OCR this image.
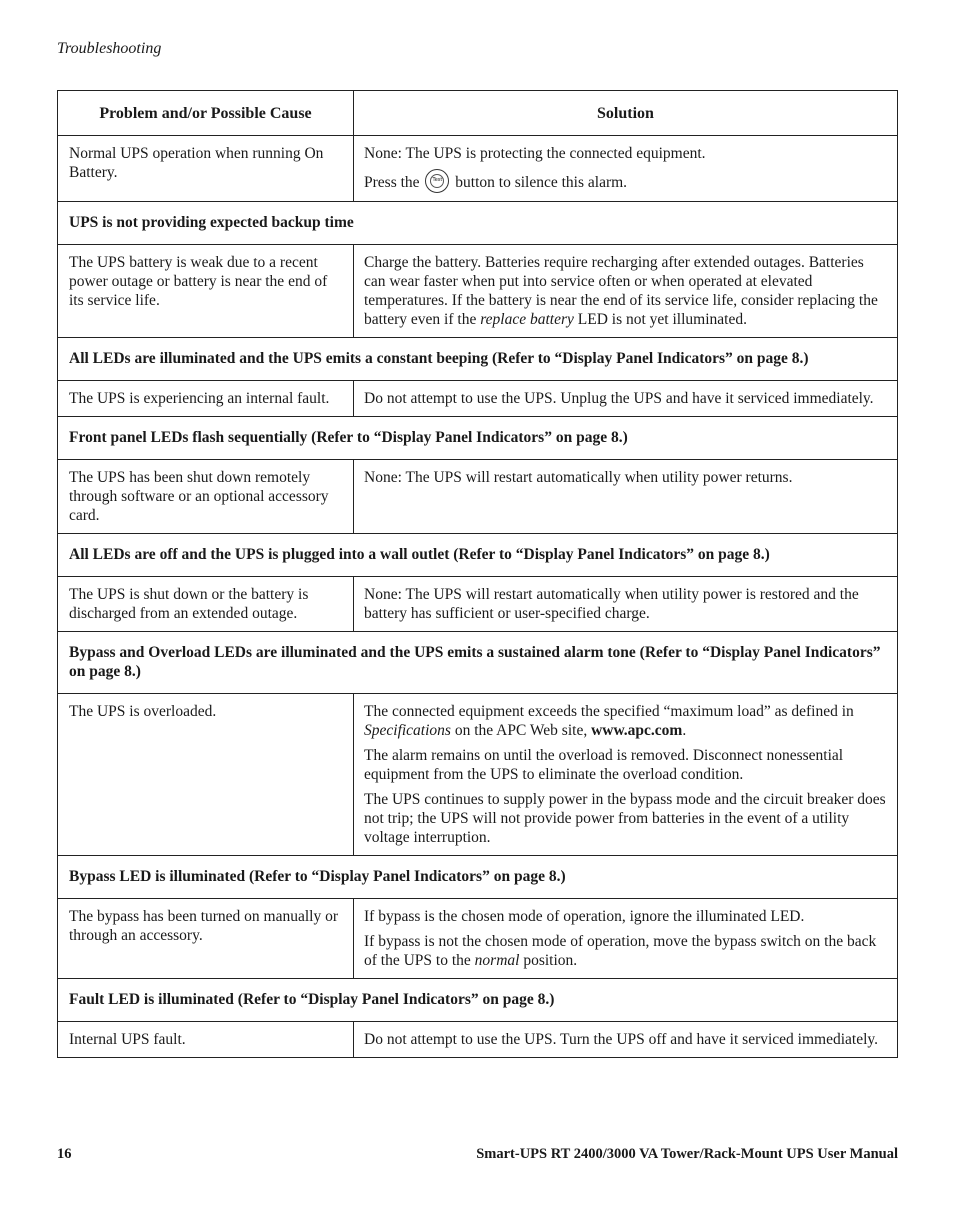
Troubleshooting
Problem and/or Possible Cause	Solution
Normal UPS operation when running On Battery.	None: The UPS is protecting the connected equipment.

Press the Test button to silence this alarm.

UPS is not providing expected backup time	
The UPS battery is weak due to a recent power outage or battery is near the end of its service life.	Charge the battery. Batteries require recharging after extended outages. Batteries can wear faster when put into service often or when operated at elevated temperatures. If the battery is near the end of its service life, consider replacing the battery even if the replace battery LED is not yet illuminated.

All LEDs are illuminated and the UPS emits a constant beeping (Refer to “Display Panel Indicators” on page 8.)	
The UPS is experiencing an internal fault.	Do not attempt to use the UPS. Unplug the UPS and have it serviced immediately.
Front panel LEDs flash sequentially (Refer to “Display Panel Indicators” on page 8.)	
The UPS has been shut down remotely through software or an optional accessory card.	None: The UPS will restart automatically when utility power returns.
All LEDs are off and the UPS is plugged into a wall outlet (Refer to “Display Panel Indicators” on page 8.)	
The UPS is shut down or the battery is discharged from an extended outage.	None: The UPS will restart automatically when utility power is restored and the battery has sufficient or user-specified charge.
Bypass and Overload LEDs are illuminated and the UPS emits a sustained alarm tone (Refer to “Display Panel Indicators” on page 8.)	
The UPS is overloaded.	The connected equipment exceeds the specified “maximum load” as defined in Specifications on the APC Web site, www.apc.com.

The alarm remains on until the overload is removed. Disconnect nonessential equipment from the UPS to eliminate the overload condition.

The UPS continues to supply power in the bypass mode and the circuit breaker does not trip; the UPS will not provide power from batteries in the event of a utility voltage interruption.

Bypass LED is illuminated (Refer to “Display Panel Indicators” on page 8.)	
The bypass has been turned on manually or through an accessory.	If bypass is the chosen mode of operation, ignore the illuminated LED.

If bypass is not the chosen mode of operation, move the bypass switch on the back of the UPS to the normal position.

Fault LED is illuminated (Refer to “Display Panel Indicators” on page 8.)	
Internal UPS fault.	Do not attempt to use the UPS. Turn the UPS off and have it serviced immediately.
16	Smart-UPS RT 2400/3000 VA Tower/Rack-Mount UPS User Manual
